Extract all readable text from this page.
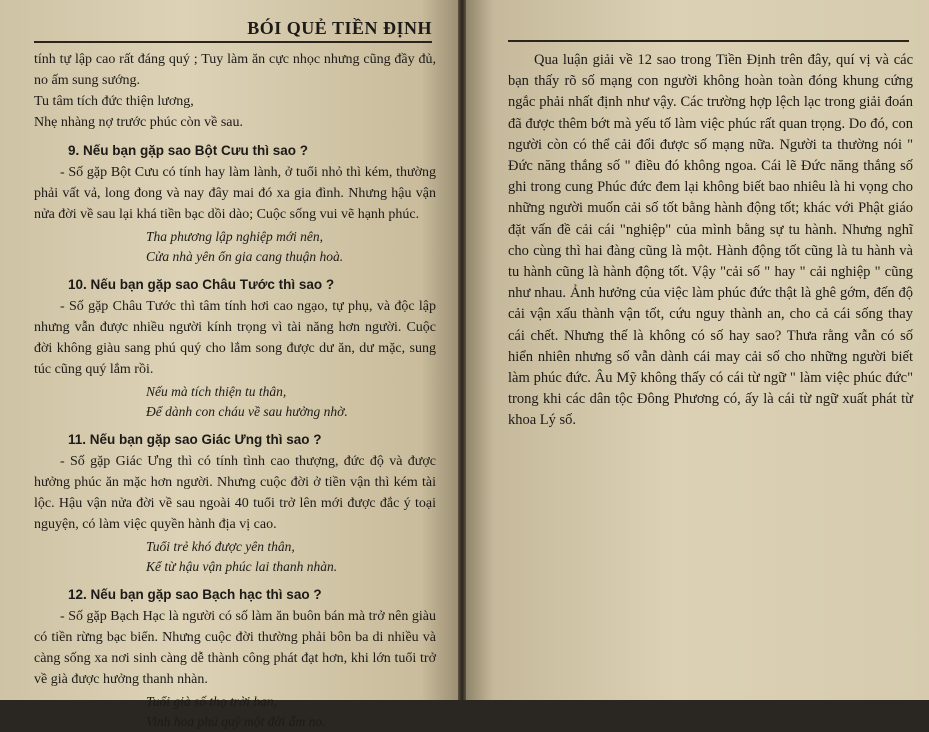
BÓI QUẺ TIỀN ĐỊNH

tính tự lập cao rất đáng quý ; Tuy làm ăn cực nhọc nhưng cũng đầy đủ, no ấm sung sướng.

Tu tâm tích đức thiện lương,

Nhẹ nhàng nợ trước phúc còn về sau.

9. Nếu bạn gặp sao Bột Cưu thì sao ?

- Số gặp Bột Cưu có tính hay làm lành, ở tuổi nhỏ thì kém, thường phải vất vả, long đong và nay đây mai đó xa gia đình. Nhưng hậu vận nửa đời về sau lại khá tiền bạc dồi dào; Cuộc sống vui vẽ hạnh phúc.

Tha phương lập nghiệp mới nên,
Cửa nhà yên ổn gia cang thuận hoà.
10. Nếu bạn gặp sao Châu Tước thì sao ?

- Số gặp Châu Tước thì tâm tính hơi cao ngạo, tự phụ, và độc lập nhưng vẫn được nhiều người kính trọng vì tài năng hơn người. Cuộc đời không giàu sang phú quý cho lắm song được dư ăn, dư mặc, sung túc cũng quý lắm rồi.

Nếu mà tích thiện tu thân,
Để dành con cháu về sau hưởng nhờ.
11. Nếu bạn gặp sao Giác Ưng thì sao ?

- Số gặp Giác Ưng thì có tính tình cao thượng, đức độ và được hưởng phúc ăn mặc hơn người. Nhưng cuộc đời ở tiền vận thì kém tài lộc. Hậu vận nửa đời về sau ngoài 40 tuổi trở lên mới được đắc ý toại nguyện, có làm việc quyền hành địa vị cao.

Tuổi trẻ khó được yên thân,
Kể từ hậu vận phúc lai thanh nhàn.
12. Nếu bạn gặp sao Bạch hạc thì sao ?

- Số gặp Bạch Hạc là người có số làm ăn buôn bán mà trở nên giàu có tiền rừng bạc biển. Nhưng cuộc đời thường phải bôn ba di nhiều và càng sống xa nơi sinh càng dễ thành công phát đạt hơn, khi lớn tuổi trở về già được hưởng thanh nhàn.

Tuổi già số thọ trời ban,
Vinh hoa phú quý một đời ấm no.

Qua luận giải về 12 sao trong Tiền Định trên đây, quí vị và các bạn thấy rõ số mạng con người không hoàn toàn đóng khung cứng ngắc phải nhất định như vậy. Các trường hợp lệch lạc trong giải đoán đã được thêm bớt mà yếu tố làm việc phúc rất quan trọng. Do đó, con người còn có thể cải đổi được số mạng nữa. Người ta thường nói " Đức năng thắng số " điều đó không ngoa. Cái lẽ Đức năng thắng số ghi trong cung Phúc đức đem lại không biết bao nhiêu là hi vọng cho những người muốn cải số tốt bằng hành động tốt; khác với Phật giáo đặt vấn đề cải cái "nghiệp" của mình bằng sự tu hành. Nhưng nghĩ cho cùng thì hai đàng cũng là một. Hành động tốt cũng là tu hành và tu hành cũng là hành động tốt. Vậy "cải số " hay " cải nghiệp " cũng như nhau. Ảnh hưởng của việc làm phúc đức thật là ghê gớm, đến độ cải vận xấu thành vận tốt, cứu nguy thành an, cho cả cái sống thay cái chết. Nhưng thế là không có số hay sao? Thưa rằng vẫn có số hiển nhiên nhưng số vẫn dành cái may cải số cho những người biết làm phúc đức. Âu Mỹ không thấy có cái từ ngữ " làm việc phúc đức" trong khi các dân tộc Đông Phương có, ấy là cái từ ngữ xuất phát từ khoa Lý số.
